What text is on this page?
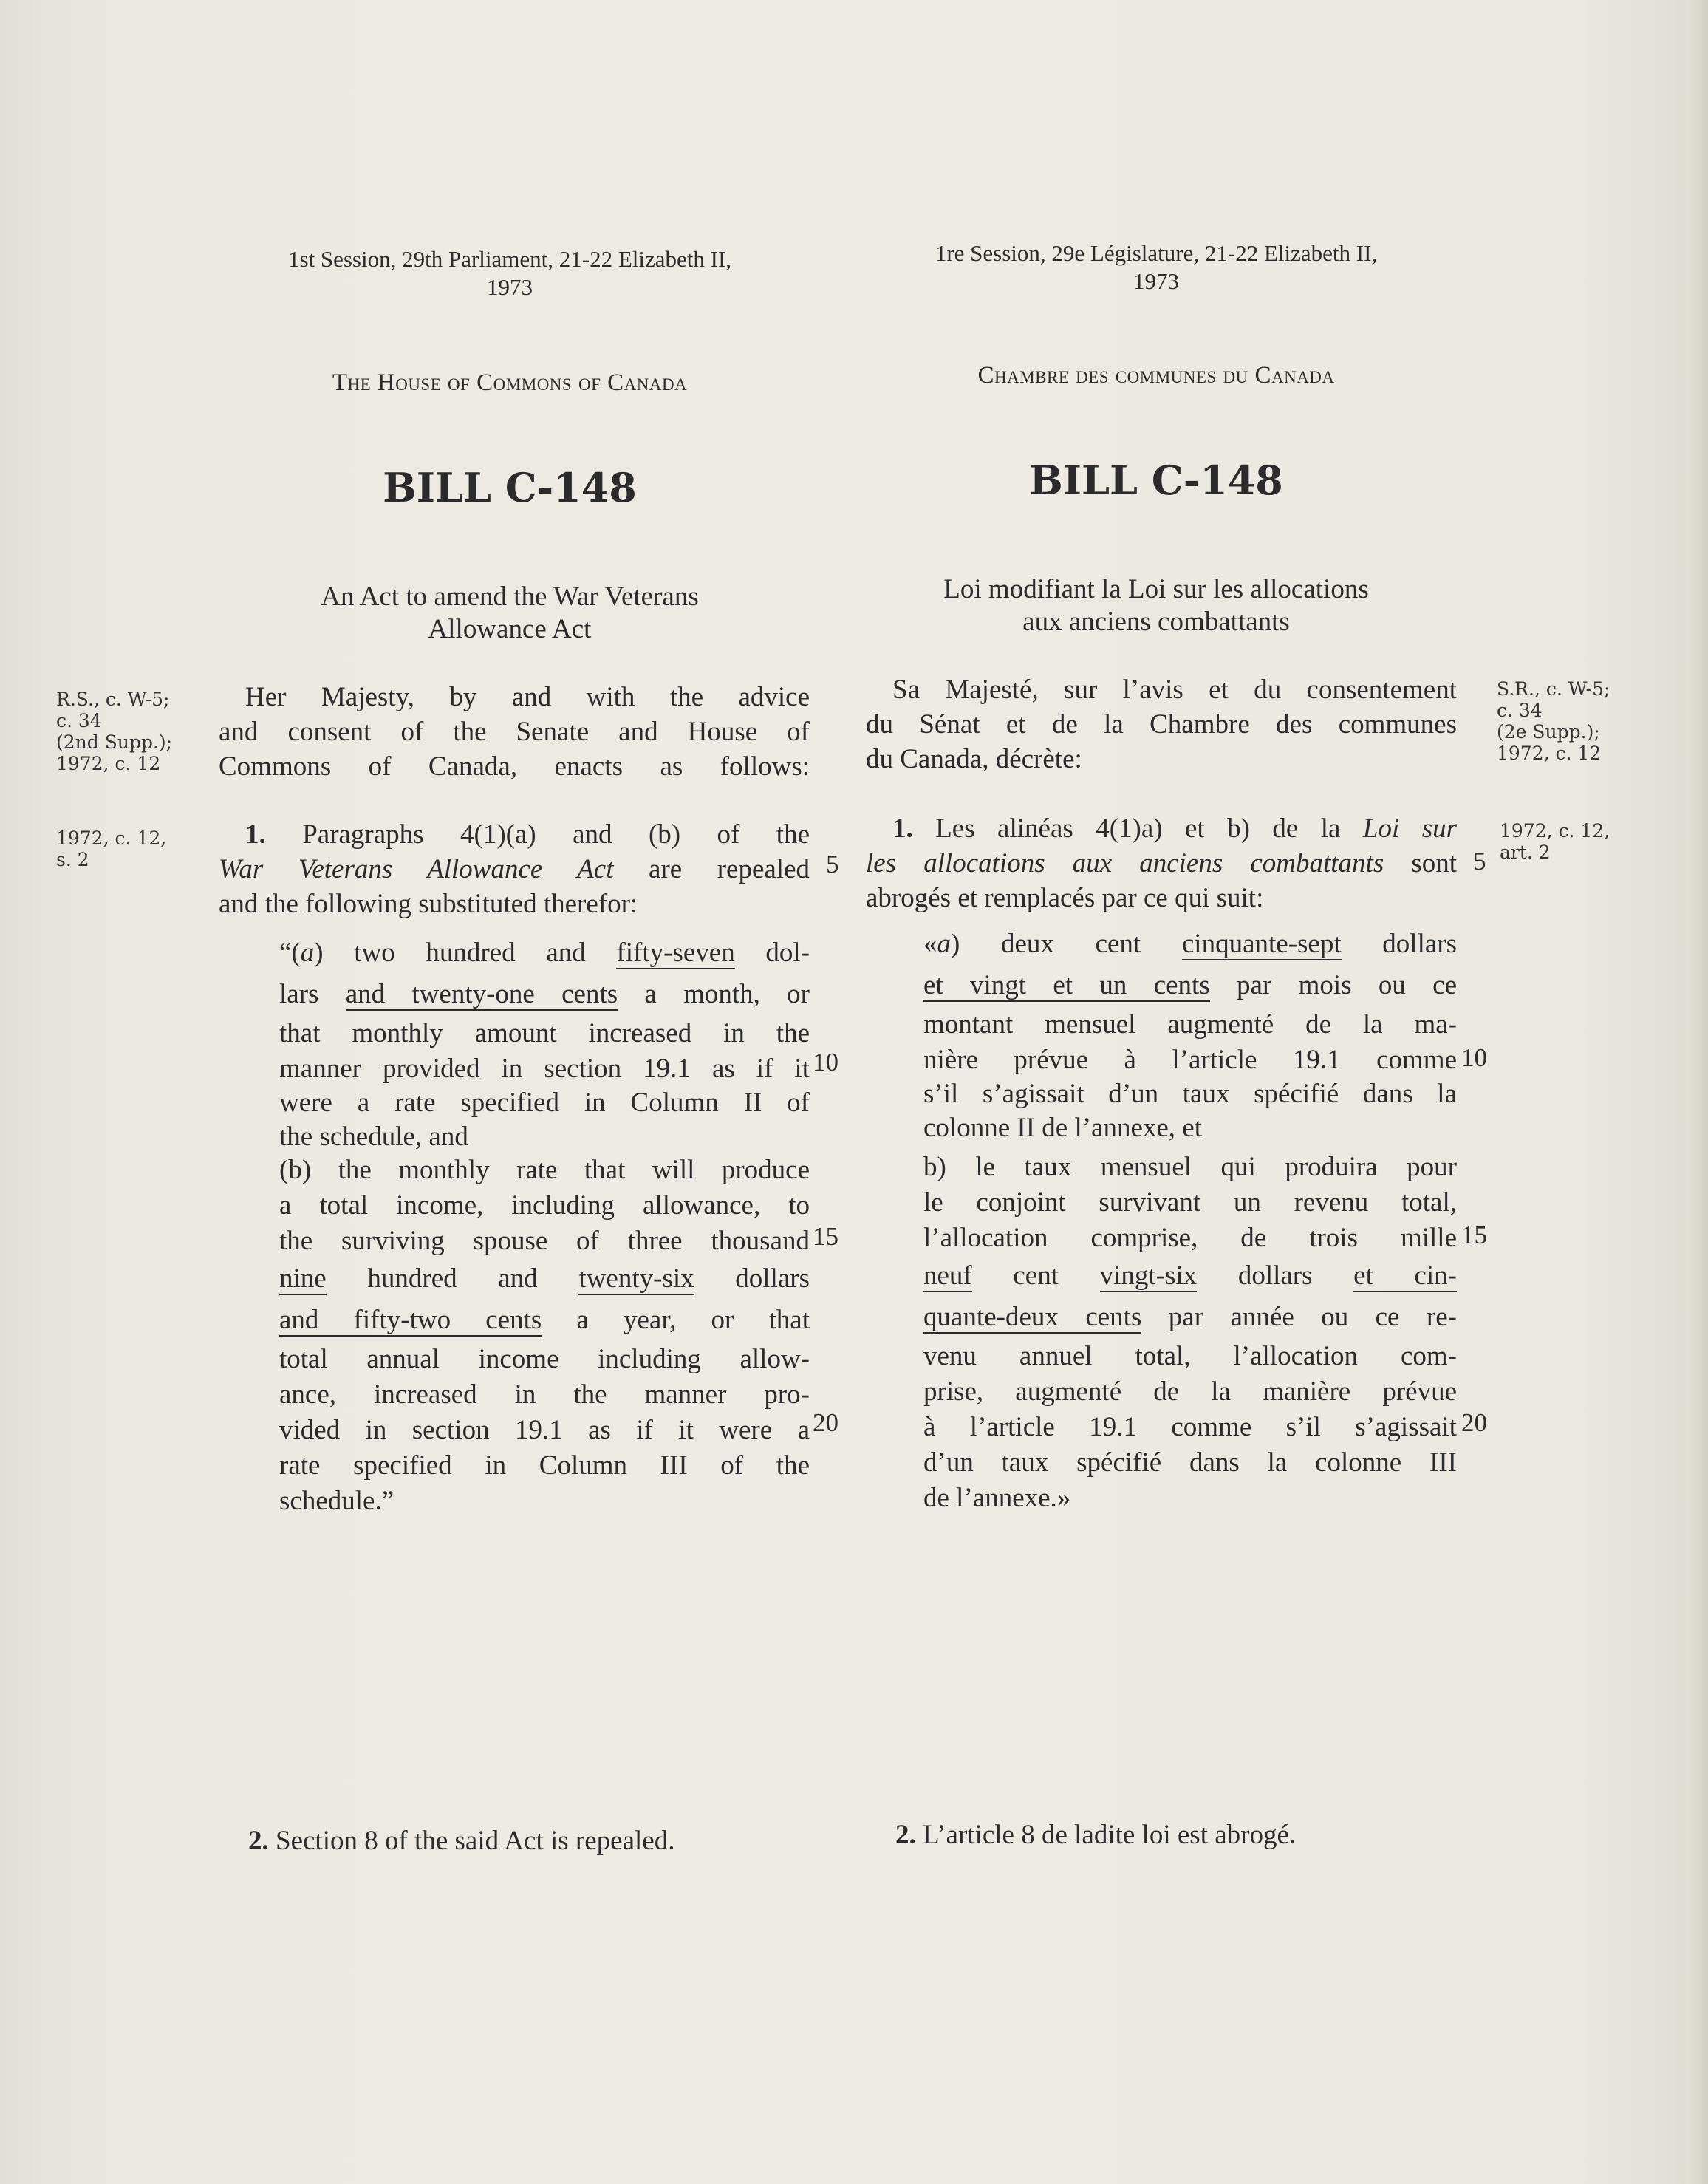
1st Session, 29th Parliament, 21-22 Elizabeth II,
1973
1re Session, 29e Législature, 21-22 Elizabeth II,
1973
The House of Commons of Canada	Chambre des communes du Canada
BILL C-148	BILL C-148
An Act to amend the War Veterans
Allowance Act
Loi modifiant la Loi sur les allocations
aux anciens combattants
R.S., c. W-5;
c. 34
(2nd Supp.);
1972, c. 12
1972, c. 12,
s. 2
S.R., c. W-5;
c. 34
(2e Supp.);
1972, c. 12
1972, c. 12,
art. 2
Her Majesty, by and with the advice
and consent of the Senate and House of
Commons of Canada, enacts as follows:
Sa Majesté, sur l’avis et du consentement
du Sénat et de la Chambre des communes
du Canada, décrète:
1. Paragraphs 4(1)(a) and (b) of the
War Veterans Allowance Act are repealed
and the following substituted therefor:
“(a) two hundred and fifty-seven dol-
lars and twenty-one cents a month, or
that monthly amount increased in the
manner provided in section 19.1 as if it
were a rate specified in Column II of
the schedule, and
(b) the monthly rate that will produce
a total income, including allowance, to
the surviving spouse of three thousand
nine hundred and twenty-six dollars
and fifty-two cents a year, or that
total annual income including allow-
ance, increased in the manner pro-
vided in section 19.1 as if it were a
rate specified in Column III of the
schedule.”
1. Les alinéas 4(1)a) et b) de la Loi sur
les allocations aux anciens combattants sont
abrogés et remplacés par ce qui suit:
«a) deux cent cinquante-sept dollars
et vingt et un cents par mois ou ce
montant mensuel augmenté de la ma-
nière prévue à l’article 19.1 comme
s’il s’agissait d’un taux spécifié dans la
colonne II de l’annexe, et
b) le taux mensuel qui produira pour
le conjoint survivant un revenu total,
l’allocation comprise, de trois mille
neuf cent vingt-six dollars et cin-
quante-deux cents par année ou ce re-
venu annuel total, l’allocation com-
prise, augmenté de la manière prévue
à l’article 19.1 comme s’il s’agissait
d’un taux spécifié dans la colonne III
de l’annexe.»
5
10
15
20
5
10
15
20
2. Section 8 of the said Act is repealed.	2. L’article 8 de ladite loi est abrogé.
